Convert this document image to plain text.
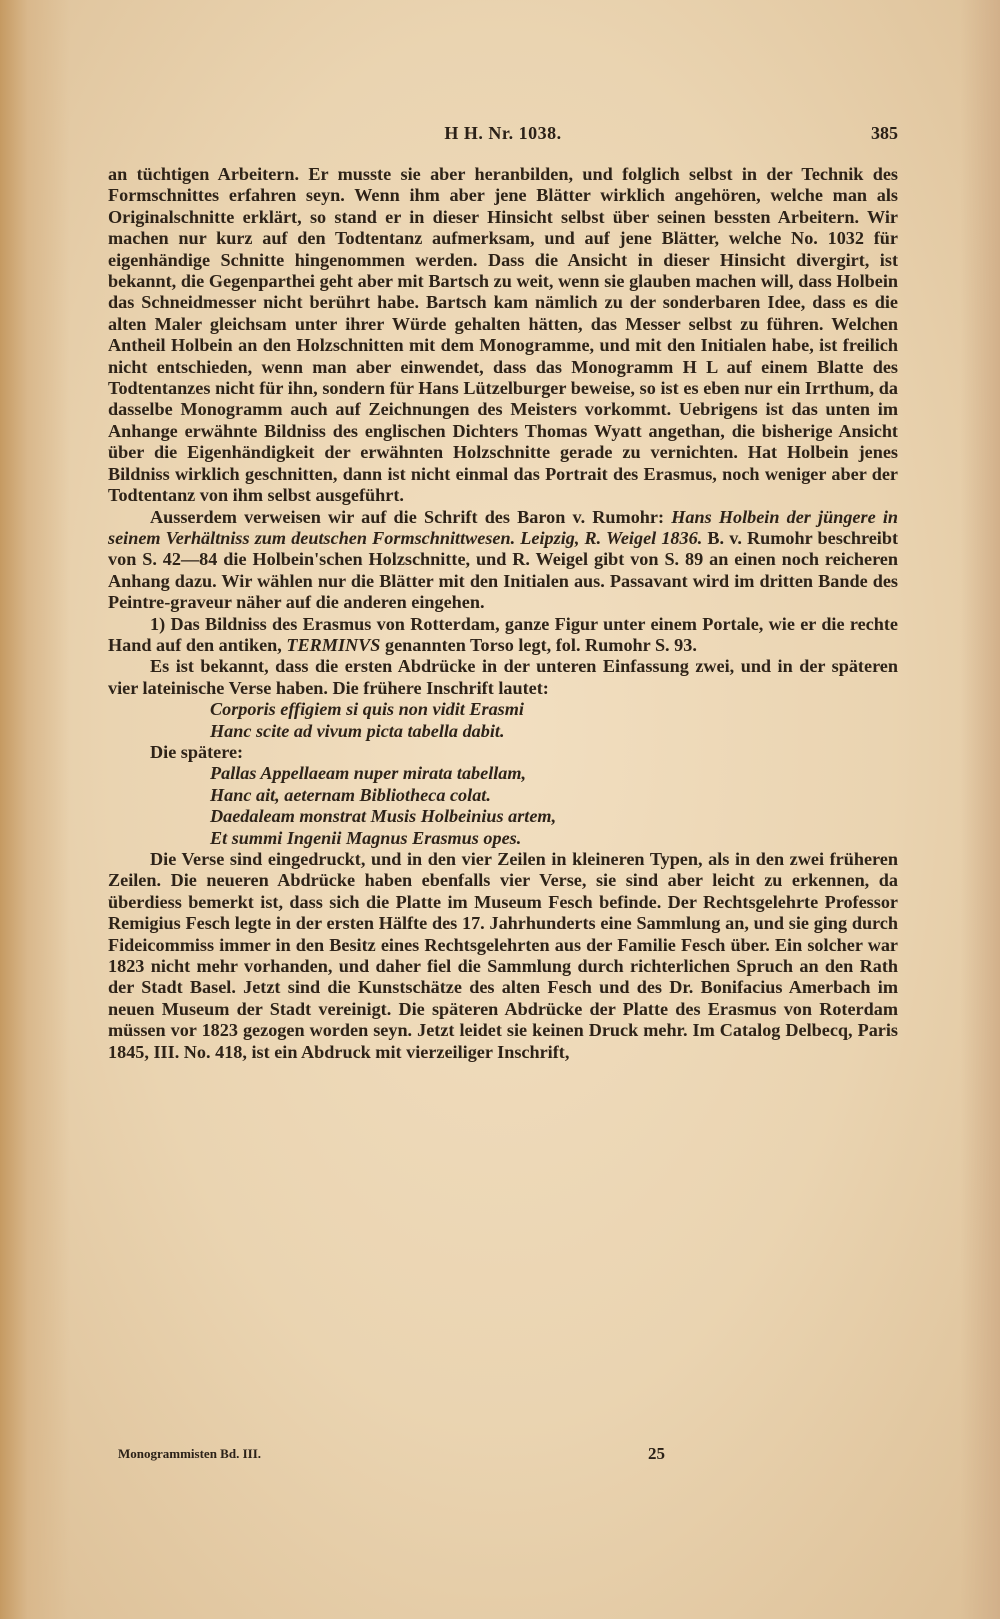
H H. Nr. 1038.	385

an tüchtigen Arbeitern. Er musste sie aber heranbilden, und folglich selbst in der Technik des Formschnittes erfahren seyn. Wenn ihm aber jene Blätter wirklich angehören, welche man als Originalschnitte erklärt, so stand er in dieser Hinsicht selbst über seinen bessten Arbeitern. Wir machen nur kurz auf den Todtentanz aufmerksam, und auf jene Blätter, welche No. 1032 für eigenhändige Schnitte hingenommen werden. Dass die Ansicht in dieser Hinsicht divergirt, ist bekannt, die Gegenparthei geht aber mit Bartsch zu weit, wenn sie glauben machen will, dass Holbein das Schneidmesser nicht berührt habe. Bartsch kam nämlich zu der sonderbaren Idee, dass es die alten Maler gleichsam unter ihrer Würde gehalten hätten, das Messer selbst zu führen. Welchen Antheil Holbein an den Holzschnitten mit dem Monogramme, und mit den Initialen habe, ist freilich nicht entschieden, wenn man aber einwendet, dass das Monogramm H L auf einem Blatte des Todtentanzes nicht für ihn, sondern für Hans Lützelburger beweise, so ist es eben nur ein Irrthum, da dasselbe Monogramm auch auf Zeichnungen des Meisters vorkommt. Uebrigens ist das unten im Anhange erwähnte Bildniss des englischen Dichters Thomas Wyatt angethan, die bisherige Ansicht über die Eigenhändigkeit der erwähnten Holzschnitte gerade zu vernichten. Hat Holbein jenes Bildniss wirklich geschnitten, dann ist nicht einmal das Portrait des Erasmus, noch weniger aber der Todtentanz von ihm selbst ausgeführt.

Ausserdem verweisen wir auf die Schrift des Baron v. Rumohr: Hans Holbein der jüngere in seinem Verhältniss zum deutschen Formschnittwesen. Leipzig, R. Weigel 1836. B. v. Rumohr beschreibt von S. 42—84 die Holbein'schen Holzschnitte, und R. Weigel gibt von S. 89 an einen noch reicheren Anhang dazu. Wir wählen nur die Blätter mit den Initialen aus. Passavant wird im dritten Bande des Peintre-graveur näher auf die anderen eingehen.

1) Das Bildniss des Erasmus von Rotterdam, ganze Figur unter einem Portale, wie er die rechte Hand auf den antiken, TERMINVS genannten Torso legt, fol. Rumohr S. 93.

Es ist bekannt, dass die ersten Abdrücke in der unteren Einfassung zwei, und in der späteren vier lateinische Verse haben. Die frühere Inschrift lautet:

Corporis effigiem si quis non vidit Erasmi
Hanc scite ad vivum picta tabella dabit.

Die spätere:

Pallas Appellaeam nuper mirata tabellam,
Hanc ait, aeternam Bibliotheca colat.
Daedaleam monstrat Musis Holbeinius artem,
Et summi Ingenii Magnus Erasmus opes.

Die Verse sind eingedruckt, und in den vier Zeilen in kleineren Typen, als in den zwei früheren Zeilen. Die neueren Abdrücke haben ebenfalls vier Verse, sie sind aber leicht zu erkennen, da überdiess bemerkt ist, dass sich die Platte im Museum Fesch befinde. Der Rechtsgelehrte Professor Remigius Fesch legte in der ersten Hälfte des 17. Jahrhunderts eine Sammlung an, und sie ging durch Fideicommiss immer in den Besitz eines Rechtsgelehrten aus der Familie Fesch über. Ein solcher war 1823 nicht mehr vorhanden, und daher fiel die Sammlung durch richterlichen Spruch an den Rath der Stadt Basel. Jetzt sind die Kunstschätze des alten Fesch und des Dr. Bonifacius Amerbach im neuen Museum der Stadt vereinigt. Die späteren Abdrücke der Platte des Erasmus von Roterdam müssen vor 1823 gezogen worden seyn. Jetzt leidet sie keinen Druck mehr. Im Catalog Delbecq, Paris 1845, III. No. 418, ist ein Abdruck mit vierzeiliger Inschrift,

Monogrammisten Bd. III.	25
